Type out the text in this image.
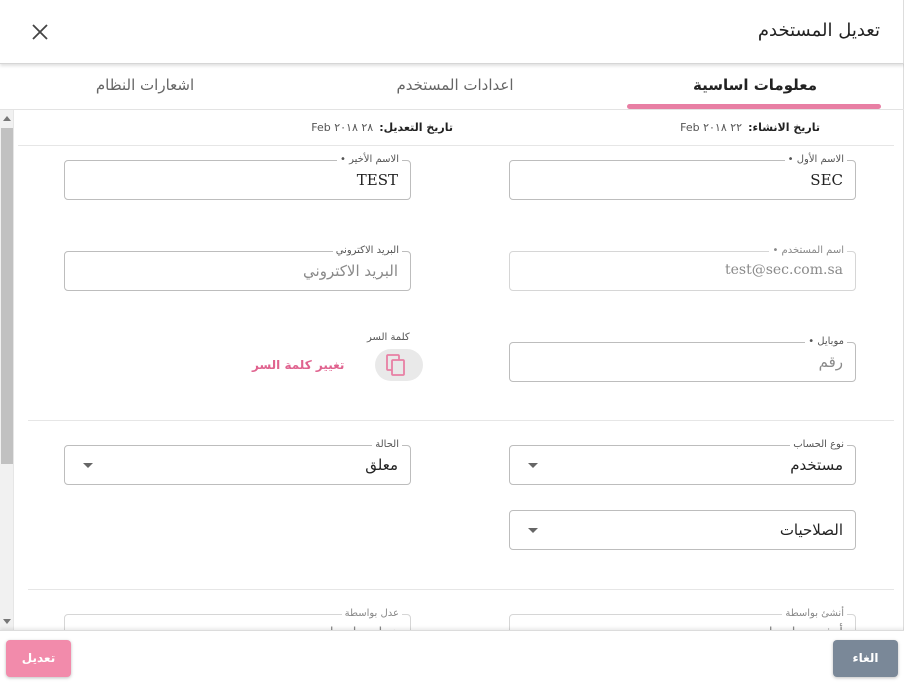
تعديل المستخدم
معلومات اساسية
اعدادات المستخدم
اشعارات النظام
تاريخ الانشاء:٢٢ ٢٠١٨ Feb
تاريخ التعديل:٢٨ ٢٠١٨ Feb
الاسم الأول •
SEC
الاسم الأخير •
TEST
اسم المستخدم •
test@sec.com.sa
البريد الاكتروني
البريد الاكتروني
موبايل •
رقم
كلمة السر
تغيير كلمة السر
نوع الحساب
مستخدم
الحالة
معلق
الصلاحيات
أنشئ بواسطة
عدل بواسطة
تعديل	الغاء
